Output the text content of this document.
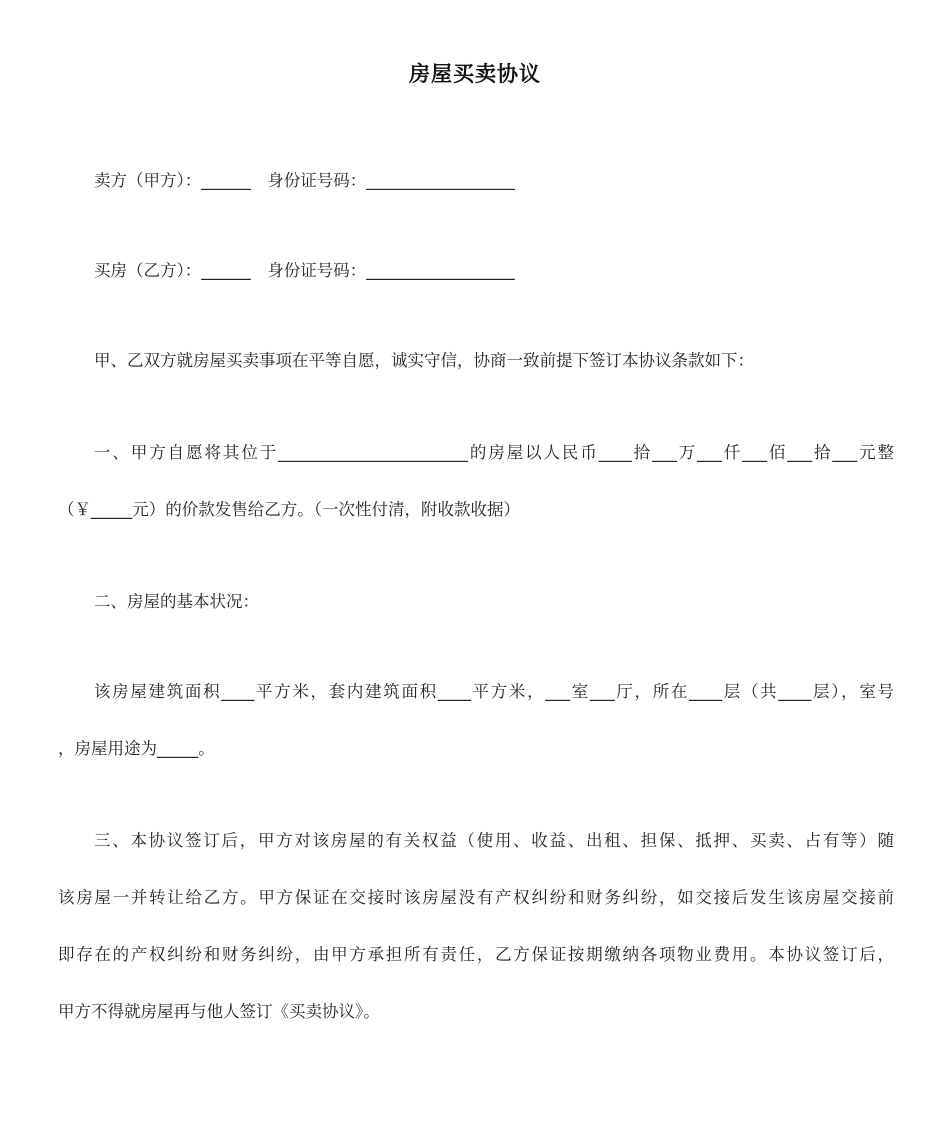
房屋买卖协议
卖方（甲方）：______　身份证号码：__________________
买房（乙方）：______　身份证号码：__________________
甲、乙双方就房屋买卖事项在平等自愿，诚实守信，协商一致前提下签订本协议条款如下：
一、甲方自愿将其位于_______________________的房屋以人民币____拾___万___仟___佰___拾___元整
（￥_____元）的价款发售给乙方。（一次性付清，附收款收据）
二、房屋的基本状况：
该房屋建筑面积____平方米，套内建筑面积____平方米，___室___厅，所在____层（共____层），室号
，房屋用途为_____。
三、本协议签订后，甲方对该房屋的有关权益（使用、收益、出租、担保、抵押、买卖、占有等）随
该房屋一并转让给乙方。甲方保证在交接时该房屋没有产权纠纷和财务纠纷，如交接后发生该房屋交接前
即存在的产权纠纷和财务纠纷，由甲方承担所有责任，乙方保证按期缴纳各项物业费用。本协议签订后，
甲方不得就房屋再与他人签订《买卖协议》。
